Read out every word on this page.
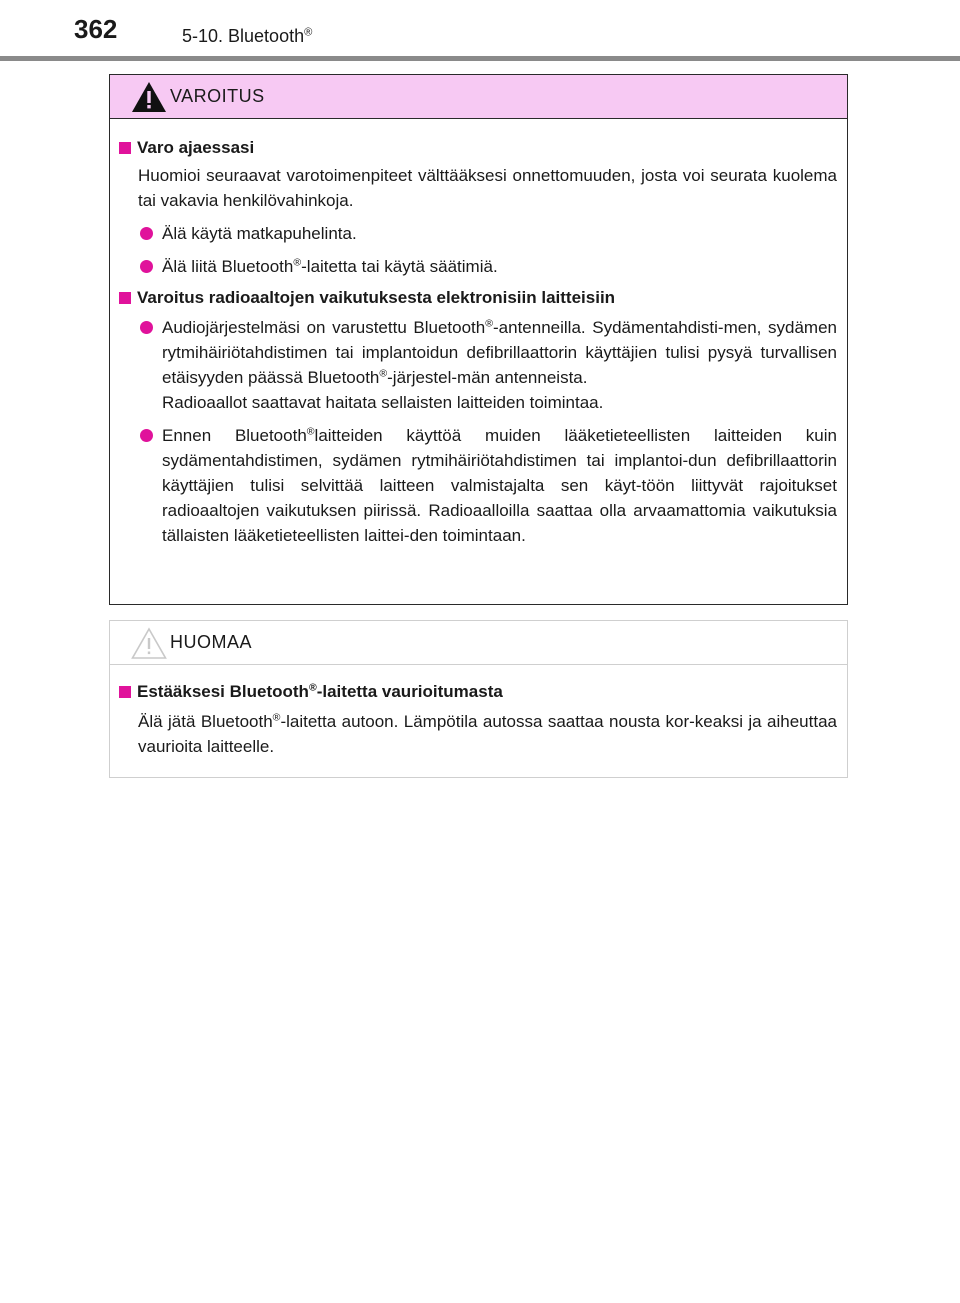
362	5-10. Bluetooth®
VAROITUS
Varo ajaessasi
Huomioi seuraavat varotoimenpiteet välttääksesi onnettomuuden, josta voi seurata kuolema tai vakavia henkilövahinkoja.
Älä käytä matkapuhelinta.
Älä liitä Bluetooth®-laitetta tai käytä säätimiä.
Varoitus radioaaltojen vaikutuksesta elektronisiin laitteisiin
Audiojärjestelmäsi on varustettu Bluetooth®-antenneilla. Sydämentahdisti-men, sydämen rytmihäiriötahdistimen tai implantoidun defibrillaattorin käyttäjien tulisi pysyä turvallisen etäisyyden päässä Bluetooth®-järjestel-män antenneista.
Radioaallot saattavat haitata sellaisten laitteiden toimintaa.
Ennen Bluetooth®laitteiden käyttöä muiden lääketieteellisten laitteiden kuin sydämentahdistimen, sydämen rytmihäiriötahdistimen tai implantoi-dun defibrillaattorin käyttäjien tulisi selvittää laitteen valmistajalta sen käyt-töön liittyvät rajoitukset radioaaltojen vaikutuksen piirissä. Radioaalloilla saattaa olla arvaamattomia vaikutuksia tällaisten lääketieteellisten laittei-den toimintaan.
HUOMAA
Estääksesi Bluetooth®-laitetta vaurioitumasta
Älä jätä Bluetooth®-laitetta autoon. Lämpötila autossa saattaa nousta kor-keaksi ja aiheuttaa vaurioita laitteelle.
